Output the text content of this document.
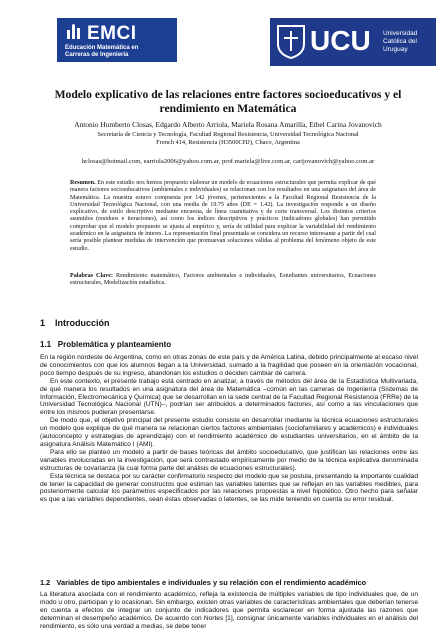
EMCI
Educación Matemática en
Carreras de Ingeniería	UCU Universidad
Católica del
Uruguay
Modelo explicativo de las relaciones entre factores socioeducativos y el rendimiento en Matemática
Antonio Humberto Closas, Edgardo Alberto Arriola, Mariela Rosana Amarilla, Ethel Carina Jovanovich
Secretaría de Ciencia y Tecnología, Facultad Regional Resistencia, Universidad Tecnológica Nacional
French 414, Resistencia (H3500CHJ), Chaco, Argentina
hclosas@hotmail.com, earriola2006@yahoo.com.ar, prof.mariela@live.com.ar, carijovanovich@yahoo.com.ar
Resumen. En este estudio nos hemos propuesto elaborar un modelo de ecuaciones estructurales que permita explicar de qué manera factores socioeducativos (ambientales e individuales) se relacionan con los resultados en una asignatura del área de Matemática. La muestra estuvo compuesta por 142 jóvenes, pertenecientes a la Facultad Regional Resistencia de la Universidad Tecnológica Nacional, con una media de 19.75 años (DE = 1.42). La investigación responde a un diseño explicativo, de estilo descriptivo mediante encuesta, de línea cuantitativa y de corte transversal. Los distintos criterios asumidos (residuos e iteraciones), así como los índices descriptivos y prácticos (indicadores globales) han permitido comprobar que el modelo propuesto se ajusta al empírico y, sería de utilidad para explicar la variabilidad del rendimiento académico en la asignatura de interes. La representación final presentada se considera un recurso interesante a partir del cual sería posible plantear medidas de intervención que promuevan soluciones válidas al problema del fenómeno objeto de este estudio.
Palabras Clave: Rendimiento matemático, Factores ambientales e individuales, Estudiantes universitarios, Ecuaciones estructurales, Modelización estadística.
1 Introducción
1.1 Problemática y planteamiento

En la región nordeste de Argentina, como en otras zonas de este país y de América Latina, debido principalmente al escaso nivel de conocimientos con que los alumnos llegan a la Universidad, sumado a la fragilidad que poseen en la orientación vocacional, poco tiempo después de su ingreso, abandonan los estudios o deciden cambiar de carrera.

En este contexto, el presente trabajo está centrado en analizar, a través de métodos del área de la Estadística Multivariada, de qué manera los resultados en una asignatura del área de Matemática –común en las carreras de Ingeniería (Sistemas de Información, Electromecánica y Química) que se desarrollan en la sede central de la Facultad Regional Resistencia (FRRe) de la Universidad Tecnológica Nacional (UTN)–, podrían ser atribuidos a determinados factores, así como a las vinculaciones que entre los mismos pudieran presentarse.

De modo que, el objetivo principal del presente estudio consiste en desarrollar mediante la técnica ecuaciones estructurales un modelo que explique de qué manera se relacionan ciertos factores ambientales (sociofamiliares y académicos) e individuales (autoconcepto y estrategias de aprendizaje) con el rendimiento académico de estudiantes universitarios, en el ámbito de la asignatura Análisis Matemático I (AMI).

Para ello se planteó un modelo a partir de bases teóricas del ámbito socioeducativo, que justifican las relaciones entre las variables involucradas en la investigación, que será contrastado empíricamente por medio de la técnica explicativa denominada estructuras de covarianza (la cual forma parte del análisis de ecuaciones estructurales).

Esta técnica se destaca por su carácter confirmatorio respecto del modelo que se postula, presentando la importante cualidad de tener la capacidad de generar constructos que estiman las variables latentes que se reflejan en las variables medibles, para posteriormente calcular los parámetros especificados por las relaciones propuestas a nivel hipotético. Otro hecho para señalar es que a las variables dependientes, sean éstas observadas o latentes, se las mide teniendo en cuenta su error residual.

1.2 Variables de tipo ambientales e individuales y su relación con el rendimiento académico

La literatura asociada con el rendimiento académico, refleja la existencia de múltiples variables de tipo individuales que, de un modo u otro, participan y lo ocasionan. Sin embargo, existen otras variables de características ambientales que deberían tenerse en cuenta a efectos de integrar un conjunto de indicadores que permita esclarecer en forma ajustada las razones que determinan el desempeño académico. De acuerdo con Nortes [1], consignar únicamente variables individuales en el análisis del rendimiento, es sólo una verdad a medias, se debe tener
